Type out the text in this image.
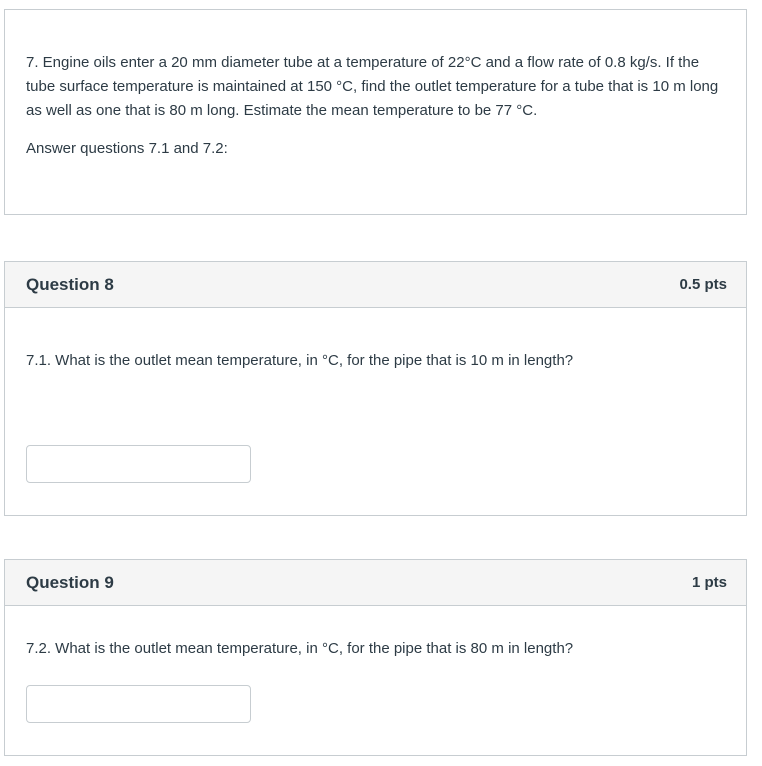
7. Engine oils enter a 20 mm diameter tube at a temperature of 22°C and a flow rate of 0.8 kg/s. If the tube surface temperature is maintained at 150 °C, find the outlet temperature for a tube that is 10 m long as well as one that is 80 m long. Estimate the mean temperature to be 77 °C.

Answer questions 7.1 and 7.2:

Question 8	0.5 pts
7.1. What is the outlet mean temperature, in °C, for the pipe that is 10 m in length?
Question 9	1 pts
7.2. What is the outlet mean temperature, in °C, for the pipe that is 80 m in length?
